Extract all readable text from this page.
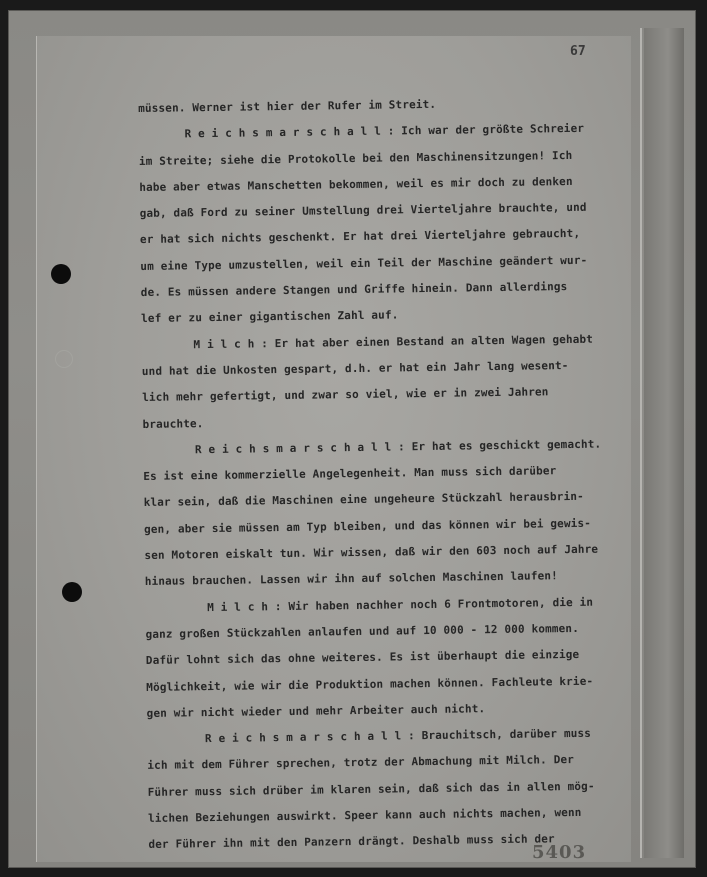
67
müssen. Werner ist hier der Rufer im Streit.
R e i c h s m a r s c h a l l : Ich war der größte Schreier
im Streite; siehe die Protokolle bei den Maschinensitzungen! Ich
habe aber etwas Manschetten bekommen, weil es mir doch zu denken
gab, daß Ford zu seiner Umstellung drei Vierteljahre brauchte, und
er hat sich nichts geschenkt. Er hat drei Vierteljahre gebraucht,
um eine Type umzustellen, weil ein Teil der Maschine geändert wur-
de. Es müssen andere Stangen und Griffe hinein. Dann allerdings
lef er zu einer gigantischen Zahl auf.
M i l c h : Er hat aber einen Bestand an alten Wagen gehabt
und hat die Unkosten gespart, d.h. er hat ein Jahr lang wesent-
lich mehr gefertigt, und zwar so viel, wie er in zwei Jahren
brauchte.
R e i c h s m a r s c h a l l : Er hat es geschickt gemacht.
Es ist eine kommerzielle Angelegenheit. Man muss sich darüber
klar sein, daß die Maschinen eine ungeheure Stückzahl herausbrin-
gen, aber sie müssen am Typ bleiben, und das können wir bei gewis-
sen Motoren eiskalt tun. Wir wissen, daß wir den 603 noch auf Jahre
hinaus brauchen. Lassen wir ihn auf solchen Maschinen laufen!
M i l c h : Wir haben nachher noch 6 Frontmotoren, die in
ganz großen Stückzahlen anlaufen und auf 10 000 - 12 000 kommen.
Dafür lohnt sich das ohne weiteres. Es ist überhaupt die einzige
Möglichkeit, wie wir die Produktion machen können. Fachleute krie-
gen wir nicht wieder und mehr Arbeiter auch nicht.
R e i c h s m a r s c h a l l : Brauchitsch, darüber muss
ich mit dem Führer sprechen, trotz der Abmachung mit Milch. Der
Führer muss sich drüber im klaren sein, daß sich das in allen mög-
lichen Beziehungen auswirkt. Speer kann auch nichts machen, wenn
der Führer ihn mit den Panzern drängt. Deshalb muss sich der
5403
